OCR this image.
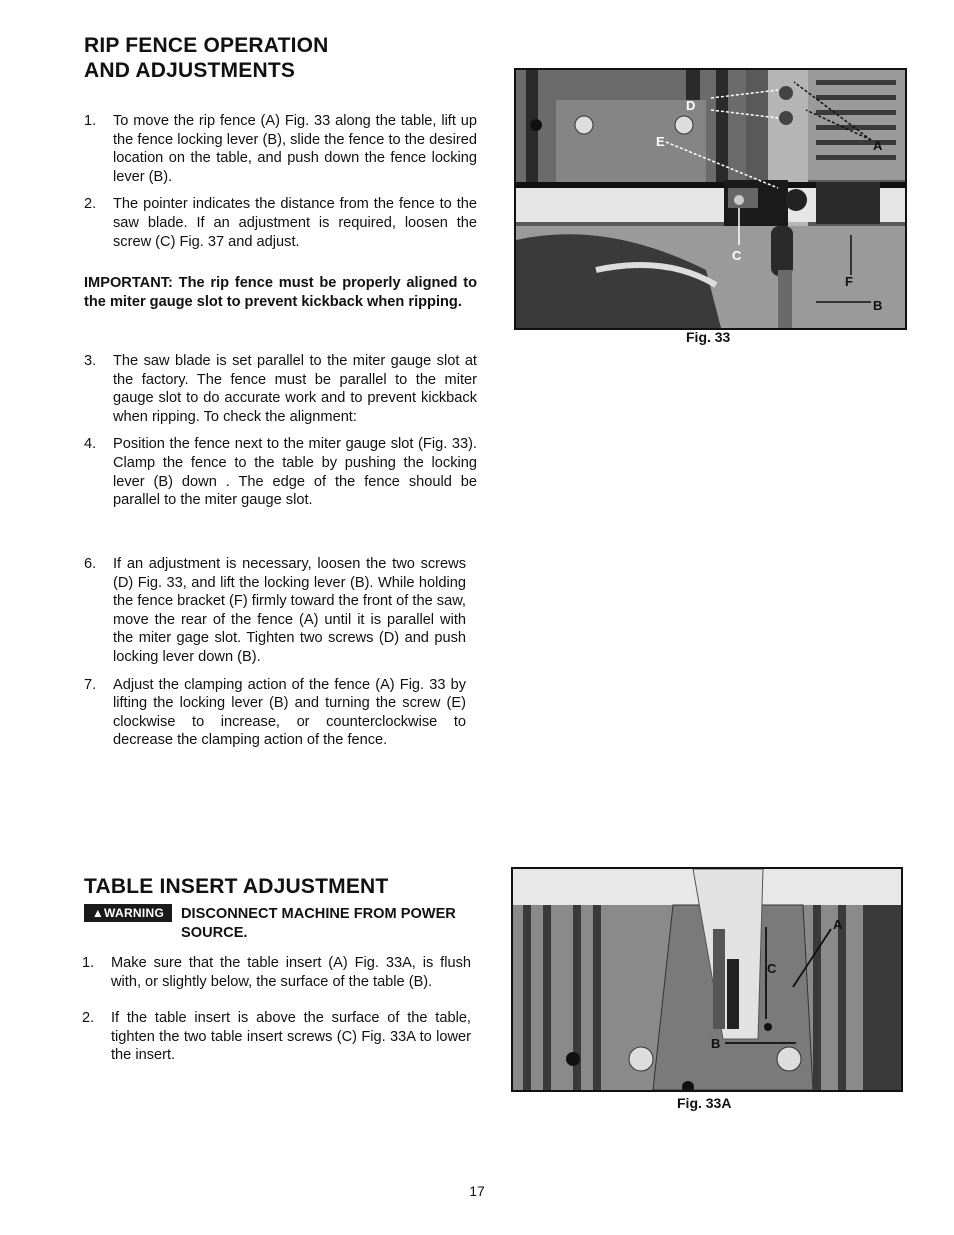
RIP FENCE OPERATION
AND ADJUSTMENTS
1. To move the rip fence (A) Fig. 33 along the table, lift up the fence locking lever (B), slide the fence to the desired location on the table, and push down the fence locking lever (B).
2. The pointer indicates the distance from the fence to the saw blade. If an adjustment is required, loosen the screw (C) Fig. 37 and adjust.
IMPORTANT: The rip fence must be properly aligned to the miter gauge slot to prevent kickback when ripping.
3. The saw blade is set parallel to the miter gauge slot at the factory. The fence must be parallel to the miter gauge slot to do accurate work and to prevent kickback when ripping. To check the alignment:
4. Position the fence next to the miter gauge slot (Fig. 33). Clamp the fence to the table by pushing the locking lever (B) down . The edge of the fence should be parallel to the miter gauge slot.
6. If an adjustment is necessary, loosen the two screws (D) Fig. 33, and lift the locking lever (B). While holding the fence bracket (F) firmly toward the front of the saw, move the rear of the fence (A) until it is parallel with the miter gage slot. Tighten two screws (D) and push locking lever down (B).
7. Adjust the clamping action of the fence (A) Fig. 33 by lifting the locking lever (B) and turning the screw (E) clockwise to increase, or counterclockwise to decrease the clamping action of the fence.
D
E	A
C
F
B
Fig. 33
TABLE INSERT ADJUSTMENT
▲WARNING	DISCONNECT MACHINE FROM POWER SOURCE.
1. Make sure that the table insert (A) Fig. 33A, is flush with, or slightly below, the surface of the table (B).
2. If the table insert is above the surface of the table, tighten the two table insert screws (C) Fig. 33A to lower the insert.
A
C
B
Fig. 33A
17
